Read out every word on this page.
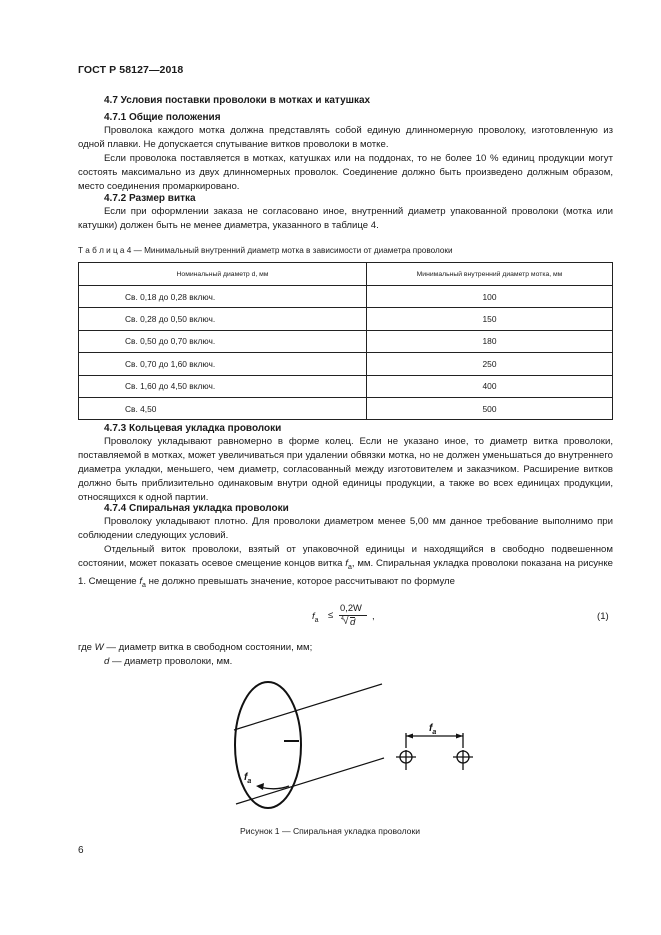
ГОСТ Р 58127—2018
4.7 Условия поставки проволоки в мотках и катушках
4.7.1 Общие положения
Проволока каждого мотка должна представлять собой единую длинномерную проволоку, изготовленную из одной плавки. Не допускается спутывание витков проволоки в мотке.
Если проволока поставляется в мотках, катушках или на поддонах, то не более 10 % единиц продукции могут состоять максимально из двух длинномерных проволок. Соединение должно быть произведено должным образом, место соединения промаркировано.
4.7.2 Размер витка
Если при оформлении заказа не согласовано иное, внутренний диаметр упакованной проволоки (мотка или катушки) должен быть не менее диаметра, указанного в таблице 4.
Т а б л и ц а 4 — Минимальный внутренний диаметр мотка в зависимости от диаметра проволоки
Номинальный диаметр d, мм	Минимальный внутренний диаметр мотка, мм
Св. 0,18 до 0,28 включ.	100
Св. 0,28 до 0,50 включ.	150
Св. 0,50 до 0,70 включ.	180
Св. 0,70 до 1,60 включ.	250
Св. 1,60 до 4,50 включ.	400
Св. 4,50	500
4.7.3 Кольцевая укладка проволоки
Проволоку укладывают равномерно в форме колец. Если не указано иное, то диаметр витка проволоки, поставляемой в мотках, может увеличиваться при удалении обвязки мотка, но не должен уменьшаться до внутреннего диаметра укладки, меньшего, чем диаметр, согласованный между изготовителем и заказчиком. Расширение витков должно быть приблизительно одинаковым внутри одной единицы продукции, а также во всех единицах продукции, относящихся к одной партии.
4.7.4 Спиральная укладка проволоки
Проволоку укладывают плотно. Для проволоки диаметром менее 5,00 мм данное требование выполнимо при соблюдении следующих условий.
Отдельный виток проволоки, взятый от упаковочной единицы и находящийся в свободно подвешенном состоянии, может показать осевое смещение концов витка $f_a$, мм. Спиральная укладка проволоки показана на рисунке 1. Смещение $f_a$ не должно превышать значение, которое рассчитывают по формуле
$f_a$ ≤
0,2W
4 √ d
,	(1)
где W — диаметр витка в свободном состоянии, мм;
d — диаметр проволоки, мм.
$f_a$
$f_a$
Рисунок 1 — Спиральная укладка проволоки
6
